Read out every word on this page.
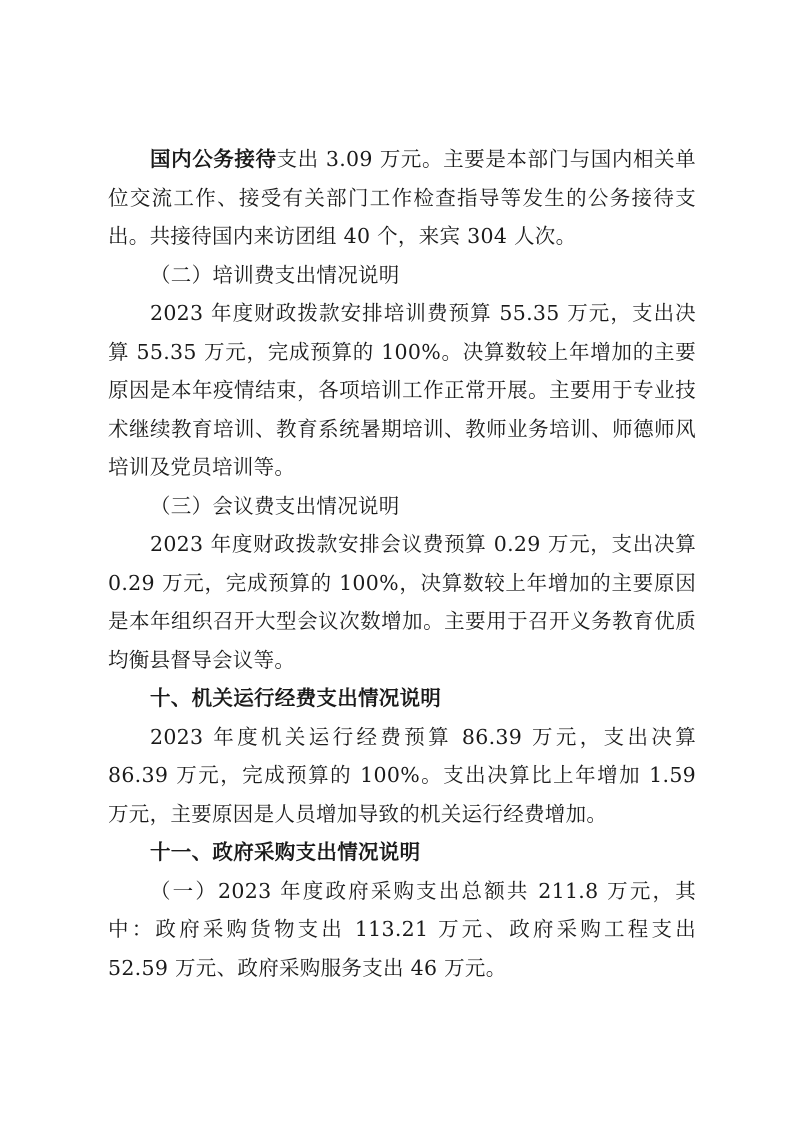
国内公务接待支出 3.09 万元。主要是本部门与国内相关单位交流工作、接受有关部门工作检查指导等发生的公务接待支出。共接待国内来访团组 40 个，来宾 304 人次。

（二）培训费支出情况说明

2023 年度财政拨款安排培训费预算 55.35 万元，支出决算 55.35 万元，完成预算的 100%。决算数较上年增加的主要原因是本年疫情结束，各项培训工作正常开展。主要用于专业技术继续教育培训、教育系统暑期培训、教师业务培训、师德师风培训及党员培训等。

（三）会议费支出情况说明

2023 年度财政拨款安排会议费预算 0.29 万元，支出决算 0.29 万元，完成预算的 100%，决算数较上年增加的主要原因是本年组织召开大型会议次数增加。主要用于召开义务教育优质均衡县督导会议等。

十、机关运行经费支出情况说明

2023 年度机关运行经费预算 86.39 万元，支出决算 86.39 万元，完成预算的 100%。支出决算比上年增加 1.59 万元，主要原因是人员增加导致的机关运行经费增加。

十一、政府采购支出情况说明

（一）2023 年度政府采购支出总额共 211.8 万元，其中：政府采购货物支出 113.21 万元、政府采购工程支出 52.59 万元、政府采购服务支出 46 万元。
